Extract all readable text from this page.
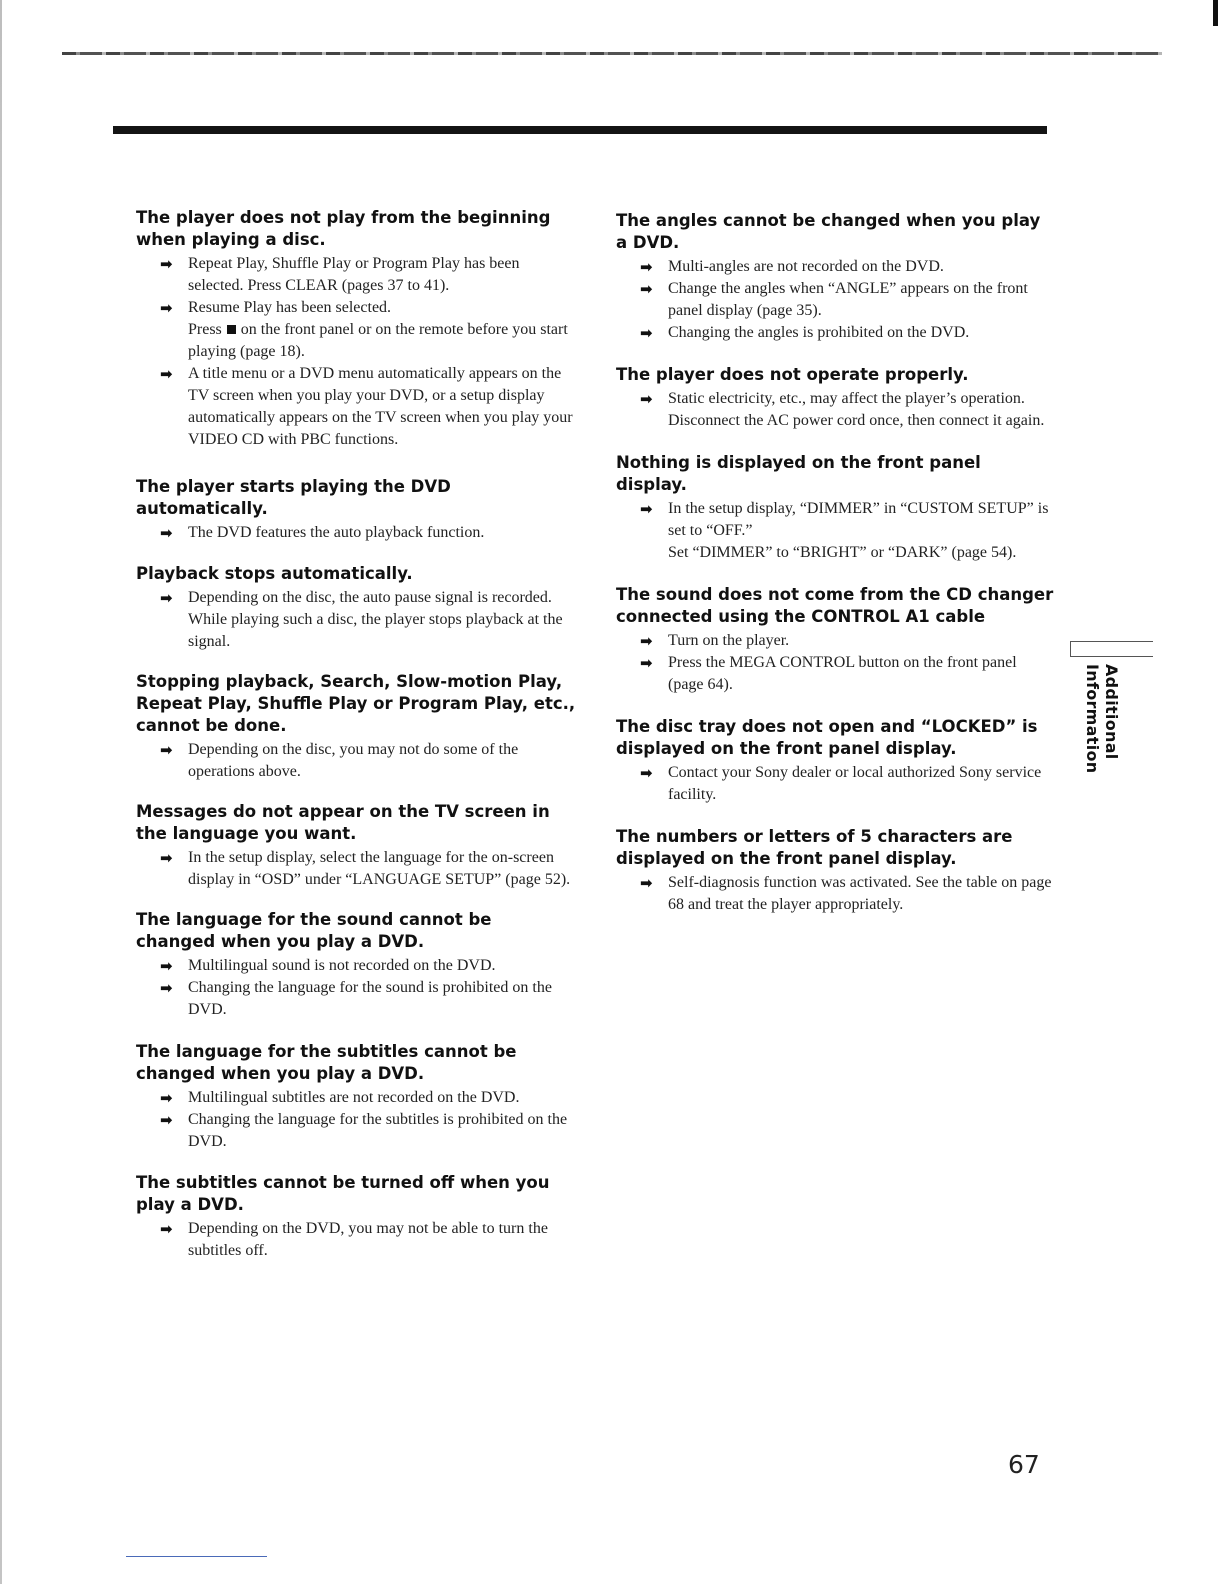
The player does not play from the beginning when playing a disc.
➡ Repeat Play, Shuffle Play or Program Play has been selected. Press CLEAR (pages 37 to 41).
➡ Resume Play has been selected.
Press on the front panel or on the remote before you start playing (page 18).
➡ A title menu or a DVD menu automatically appears on the TV screen when you play your DVD, or a setup display automatically appears on the TV screen when you play your VIDEO CD with PBC functions.
The player starts playing the DVD automatically.
➡ The DVD features the auto playback function.
Playback stops automatically.
➡ Depending on the disc, the auto pause signal is recorded. While playing such a disc, the player stops playback at the signal.
Stopping playback, Search, Slow-motion Play, Repeat Play, Shuffle Play or Program Play, etc., cannot be done.
➡ Depending on the disc, you may not do some of the operations above.
Messages do not appear on the TV screen in the language you want.
➡ In the setup display, select the language for the on-screen display in “OSD” under “LANGUAGE SETUP” (page 52).
The language for the sound cannot be changed when you play a DVD.
➡ Multilingual sound is not recorded on the DVD.
➡ Changing the language for the sound is prohibited on the DVD.
The language for the subtitles cannot be changed when you play a DVD.
➡ Multilingual subtitles are not recorded on the DVD.
➡ Changing the language for the subtitles is prohibited on the DVD.
The subtitles cannot be turned off when you play a DVD.
➡ Depending on the DVD, you may not be able to turn the subtitles off.
The angles cannot be changed when you play a DVD.
➡ Multi-angles are not recorded on the DVD.
➡ Change the angles when “ANGLE” appears on the front panel display (page 35).
➡ Changing the angles is prohibited on the DVD.
The player does not operate properly.
➡ Static electricity, etc., may affect the player’s operation.
Disconnect the AC power cord once, then connect it again.
Nothing is displayed on the front panel display.
➡ In the setup display, “DIMMER” in “CUSTOM SETUP” is set to “OFF.”
Set “DIMMER” to “BRIGHT” or “DARK” (page 54).
The sound does not come from the CD changer connected using the CONTROL A1 cable
➡ Turn on the player.
➡ Press the MEGA CONTROL button on the front panel (page 64).
The disc tray does not open and “LOCKED” is displayed on the front panel display.
➡ Contact your Sony dealer or local authorized Sony service facility.
The numbers or letters of 5 characters are displayed on the front panel display.
➡ Self-diagnosis function was activated. See the table on page 68 and treat the player appropriately.
Additional Information
67
